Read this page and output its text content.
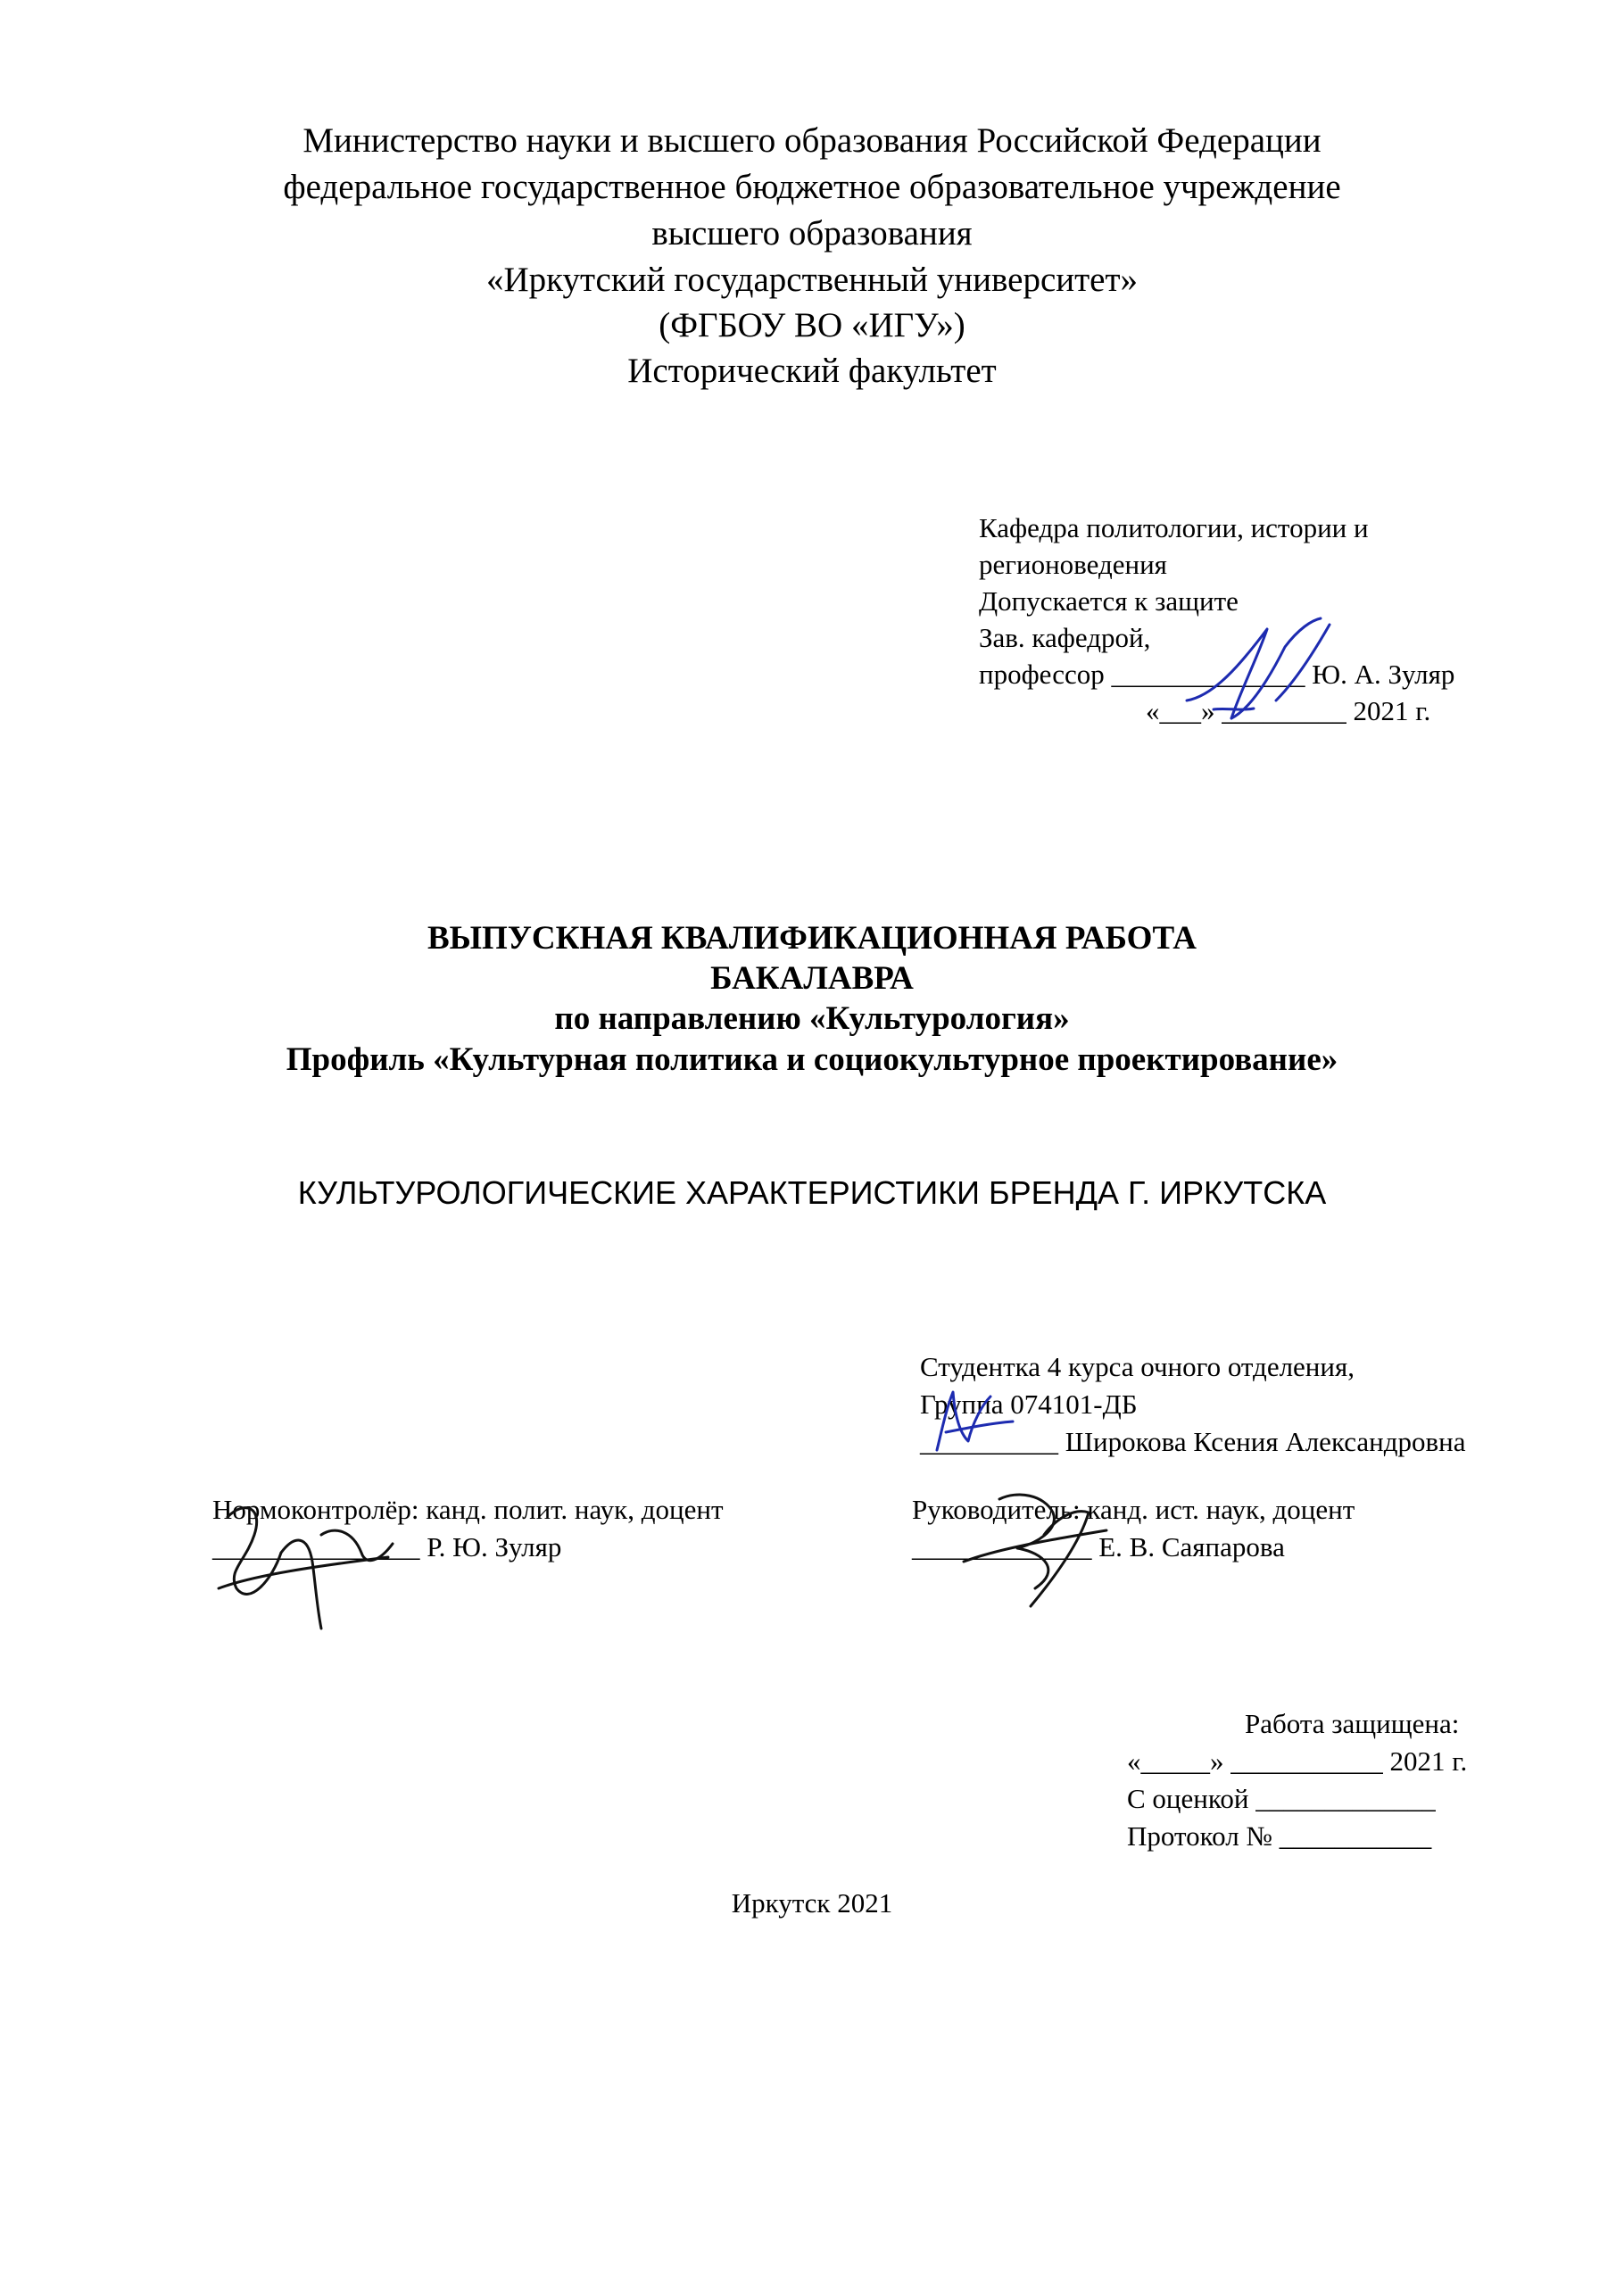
Министерство науки и высшего образования Российской Федерации

федеральное государственное бюджетное образовательное учреждение

высшего образования

«Иркутский государственный университет»

(ФГБОУ ВО «ИГУ»)

Исторический факультет

Кафедра политологии, истории и

регионоведения

Допускается к защите

Зав. кафедрой,

профессор ______________ Ю. А. Зуляр

«___» _________ 2021 г.

ВЫПУСКНАЯ КВАЛИФИКАЦИОННАЯ РАБОТА

БАКАЛАВРА

по направлению «Культурология»

Профиль «Культурная политика и социокультурное проектирование»

КУЛЬТУРОЛОГИЧЕСКИЕ ХАРАКТЕРИСТИКИ БРЕНДА Г. ИРКУТСКА

Студентка 4 курса очного отделения,

Группа 074101-ДБ

__________ Широкова Ксения Александровна

Нормоконтролёр: канд. полит. наук, доцент

_______________ Р. Ю. Зуляр

Руководитель: канд. ист. наук, доцент

_____________ Е. В. Саяпарова

Работа защищена:

«_____» ___________ 2021 г.

С оценкой _____________

Протокол № ___________

Иркутск 2021
